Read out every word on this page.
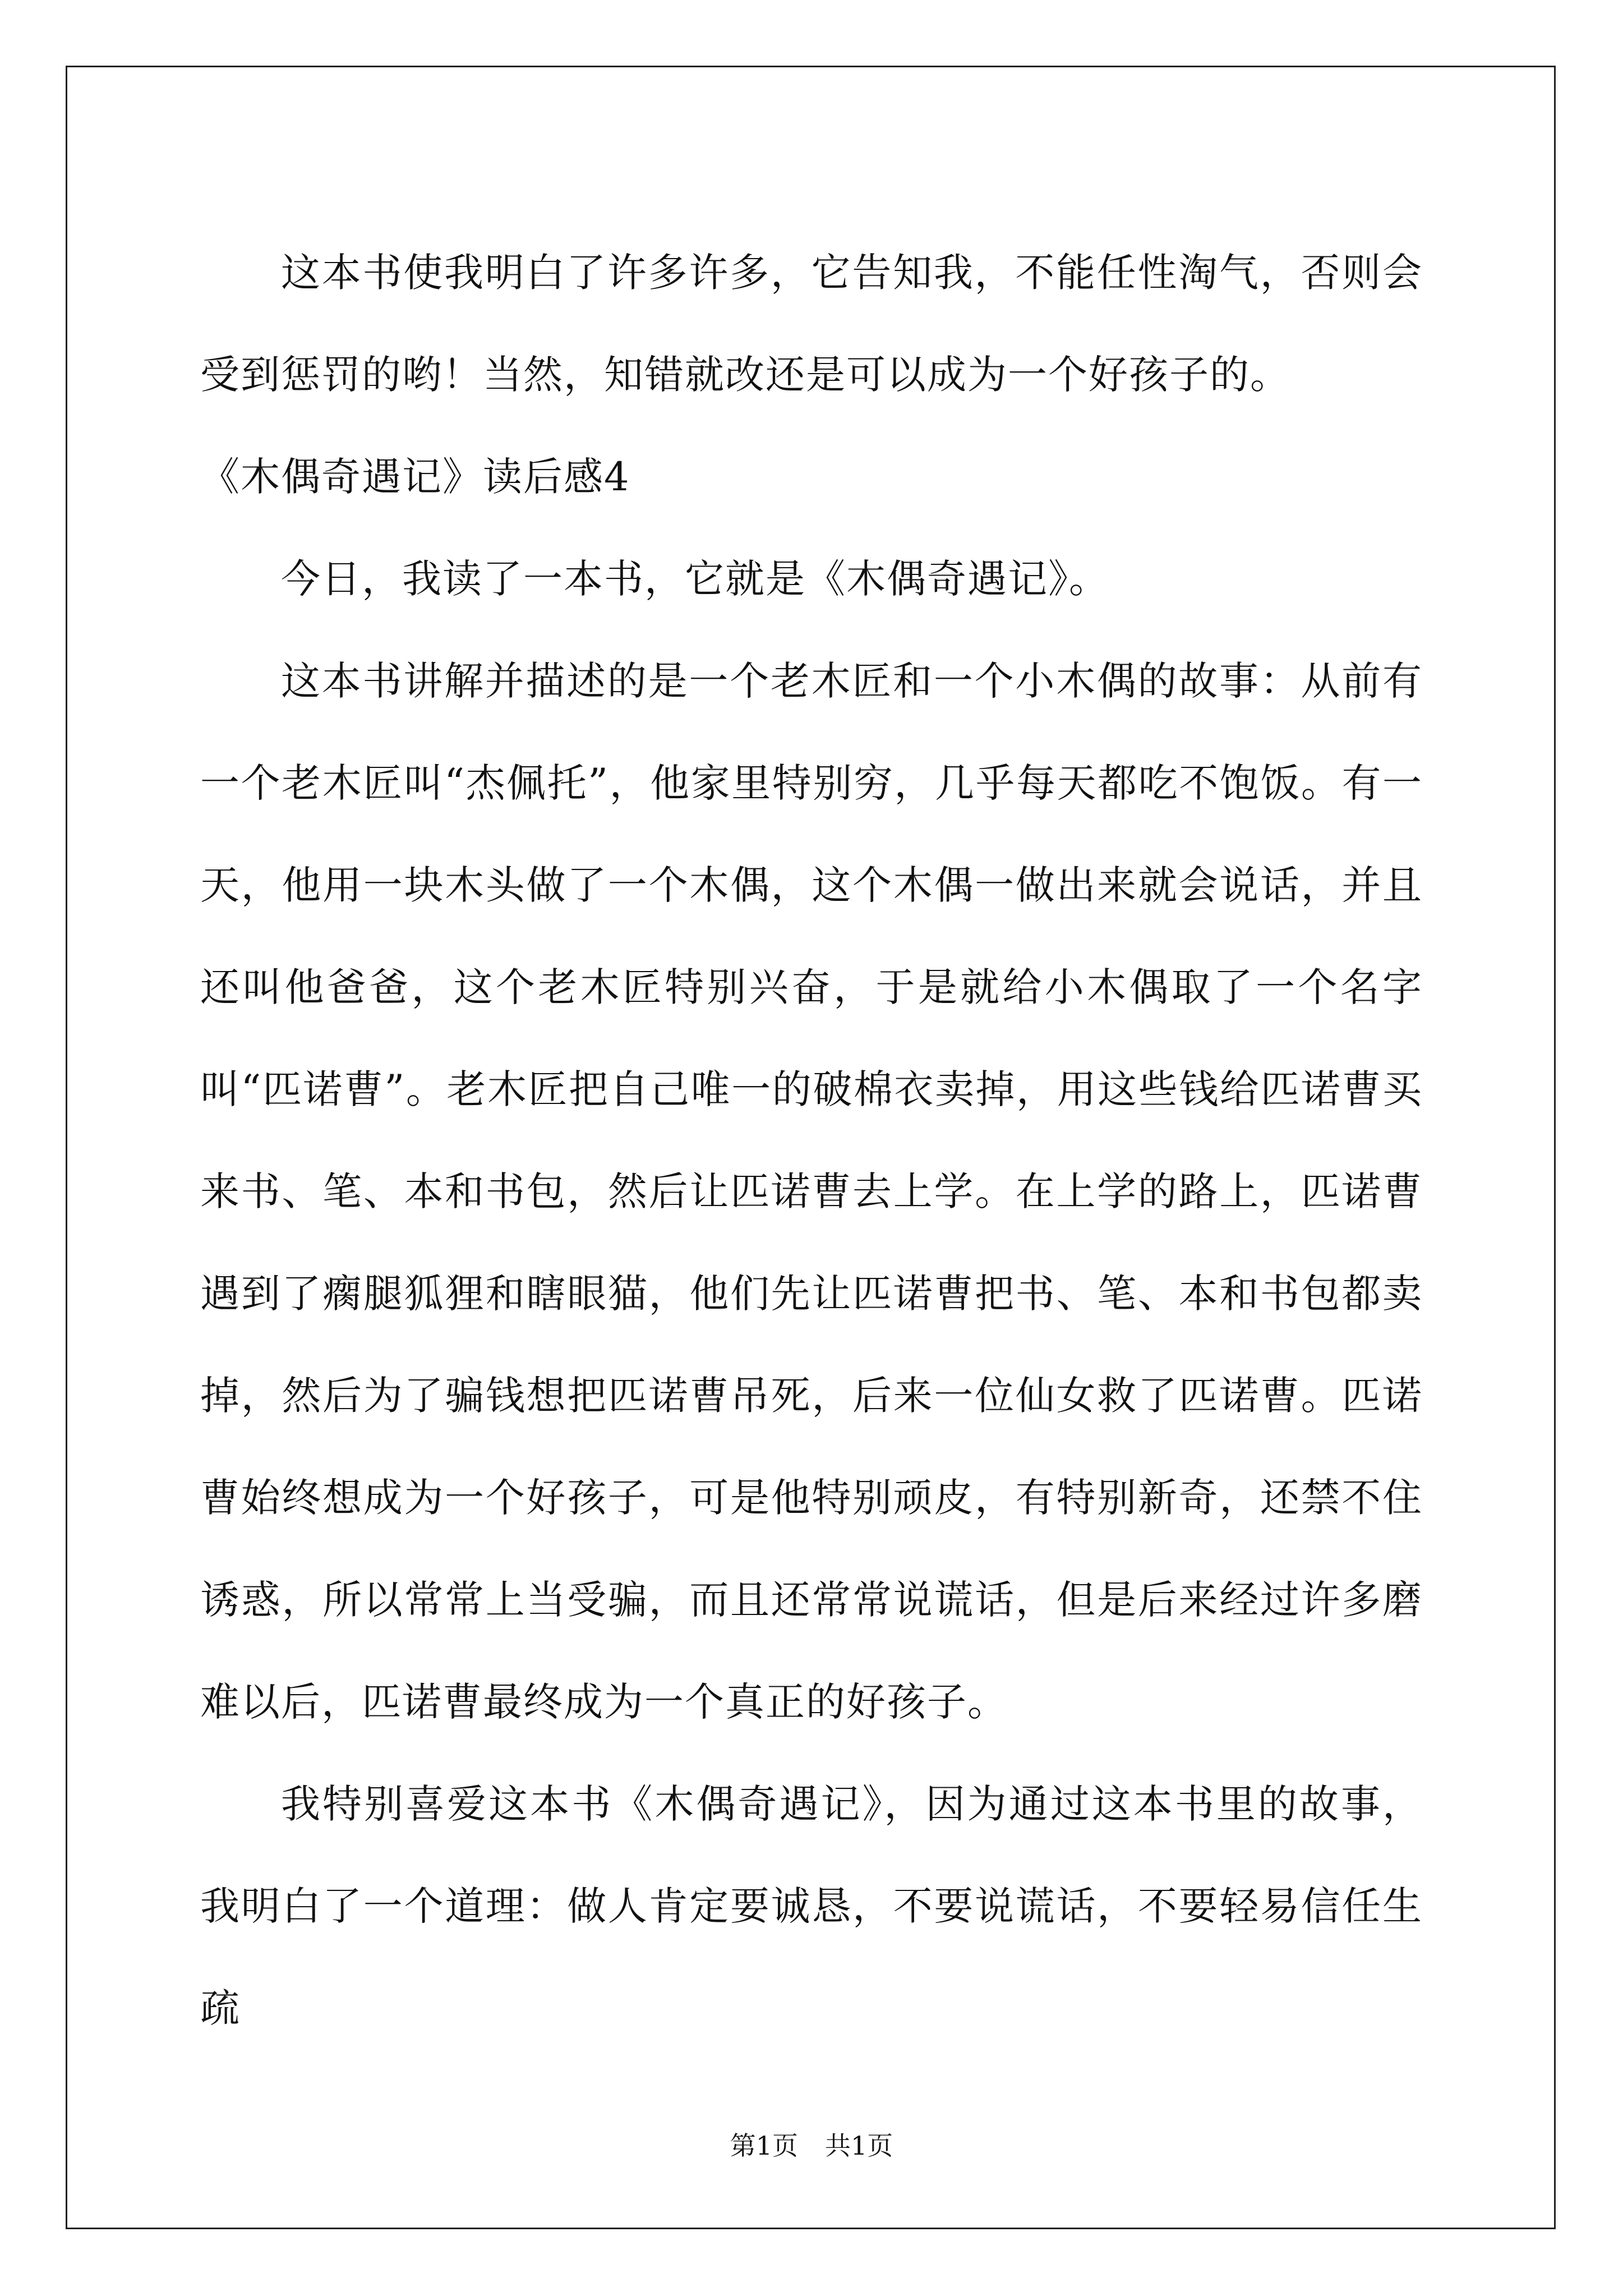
这本书使我明白了许多许多，它告知我，不能任性淘气，否则会受到惩罚的哟！当然，知错就改还是可以成为一个好孩子的。

《木偶奇遇记》读后感4

今日，我读了一本书，它就是《木偶奇遇记》。

这本书讲解并描述的是一个老木匠和一个小木偶的故事：从前有一个老木匠叫“杰佩托”，他家里特别穷，几乎每天都吃不饱饭。有一天，他用一块木头做了一个木偶，这个木偶一做出来就会说话，并且还叫他爸爸，这个老木匠特别兴奋，于是就给小木偶取了一个名字叫“匹诺曹”。老木匠把自己唯一的破棉衣卖掉，用这些钱给匹诺曹买来书、笔、本和书包，然后让匹诺曹去上学。在上学的路上，匹诺曹遇到了瘸腿狐狸和瞎眼猫，他们先让匹诺曹把书、笔、本和书包都卖掉，然后为了骗钱想把匹诺曹吊死，后来一位仙女救了匹诺曹。匹诺曹始终想成为一个好孩子，可是他特别顽皮，有特别新奇，还禁不住诱惑，所以常常上当受骗，而且还常常说谎话，但是后来经过许多磨难以后，匹诺曹最终成为一个真正的好孩子。

我特别喜爱这本书《木偶奇遇记》，因为通过这本书里的故事，我明白了一个道理：做人肯定要诚恳，不要说谎话，不要轻易信任生疏

第1页 共1页
